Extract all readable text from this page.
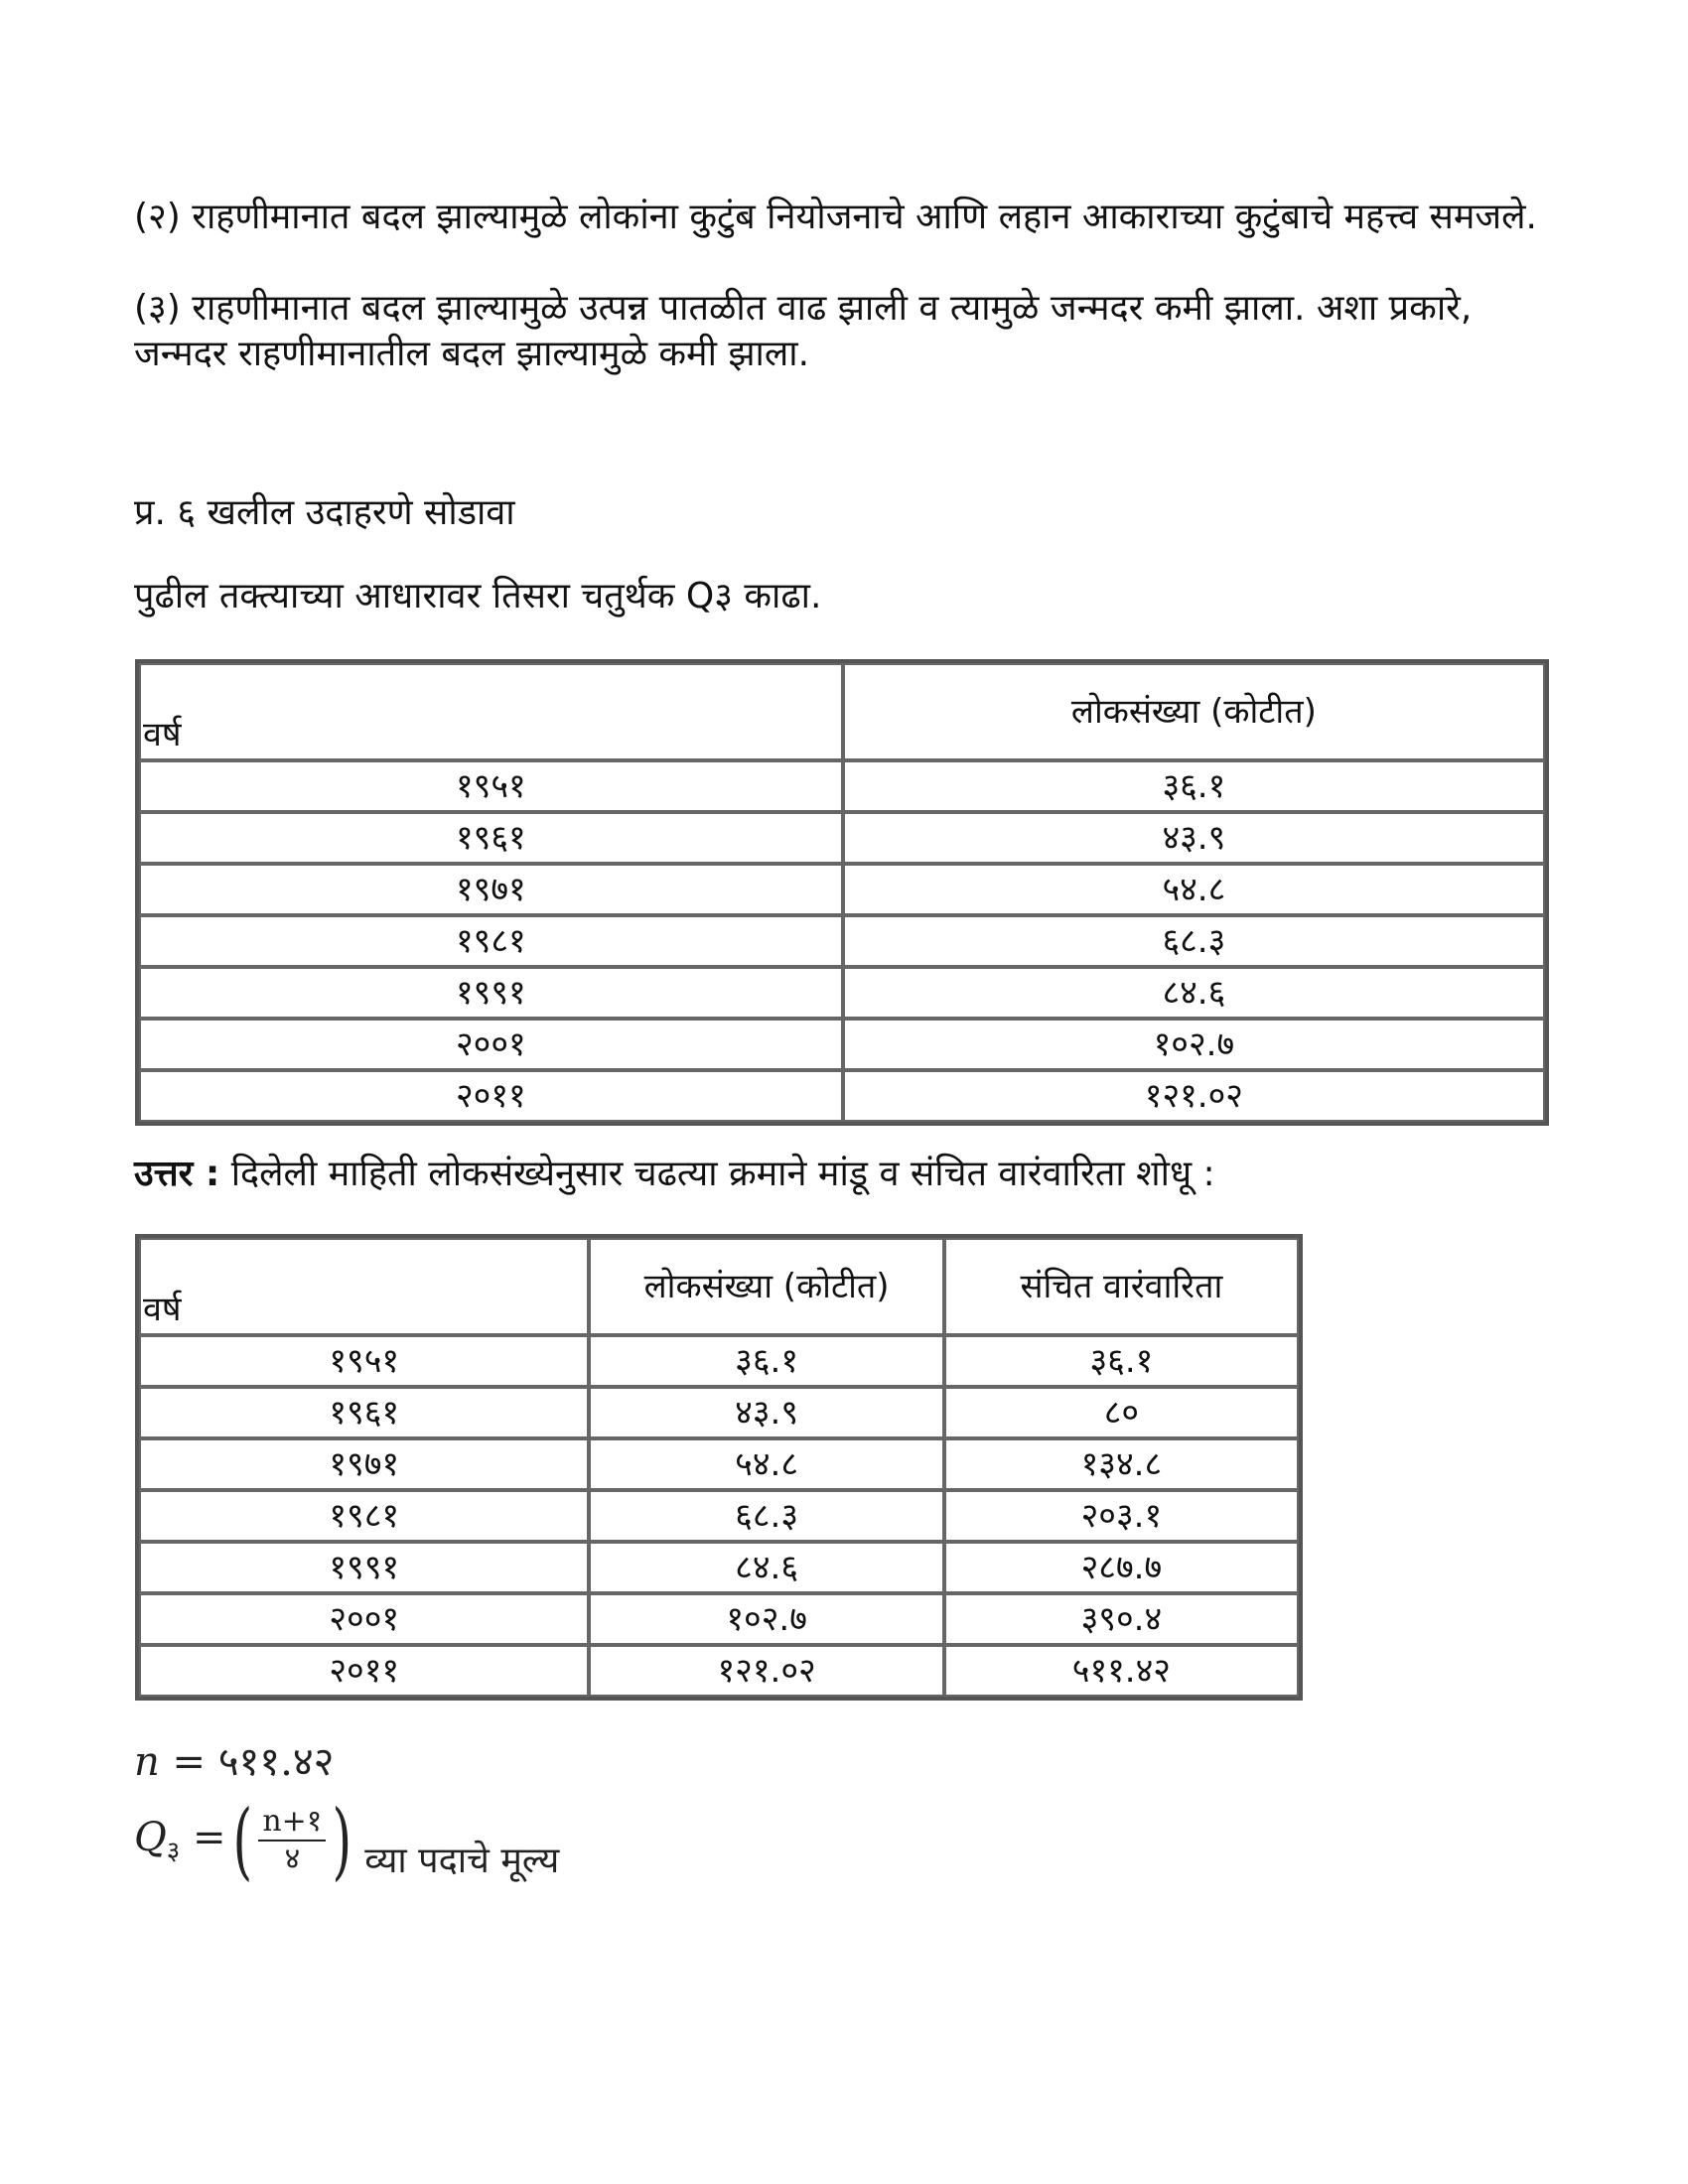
(२) राहणीमानात बदल झाल्यामुळे लोकांना कुटुंब नियोजनाचे आणि लहान आकाराच्या कुटुंबाचे महत्त्व समजले.
(३) राहणीमानात बदल झाल्यामुळे उत्पन्न पातळीत वाढ झाली व त्यामुळे जन्मदर कमी झाला. अशा प्रकारे, जन्मदर राहणीमानातील बदल झाल्यामुळे कमी झाला.
प्र. ६ खलील उदाहरणे सोडावा
पुढील तक्त्याच्या आधारावर तिसरा चतुर्थक Q३ काढा.
वर्ष	लोकसंख्या (कोटीत)
१९५१	३६.१
१९६१	४३.९
१९७१	५४.८
१९८१	६८.३
१९९१	८४.६
२००१	१०२.७
२०११	१२१.०२
उत्तर : दिलेली माहिती लोकसंख्येनुसार चढत्या क्रमाने मांडू व संचित वारंवारिता शोधू :
वर्ष	लोकसंख्या (कोटीत)	संचित वारंवारिता
१९५१	३६.१	३६.१
१९६१	४३.९	८०
१९७१	५४.८	१३४.८
१९८१	६८.३	२०३.१
१९९१	८४.६	२८७.७
२००१	१०२.७	३९०.४
२०११	१२१.०२	५११.४२
n = ५११.४२
$Q_३$ =( $\frac{n+१}{४}$ ) व्या पदाचे मूल्य
